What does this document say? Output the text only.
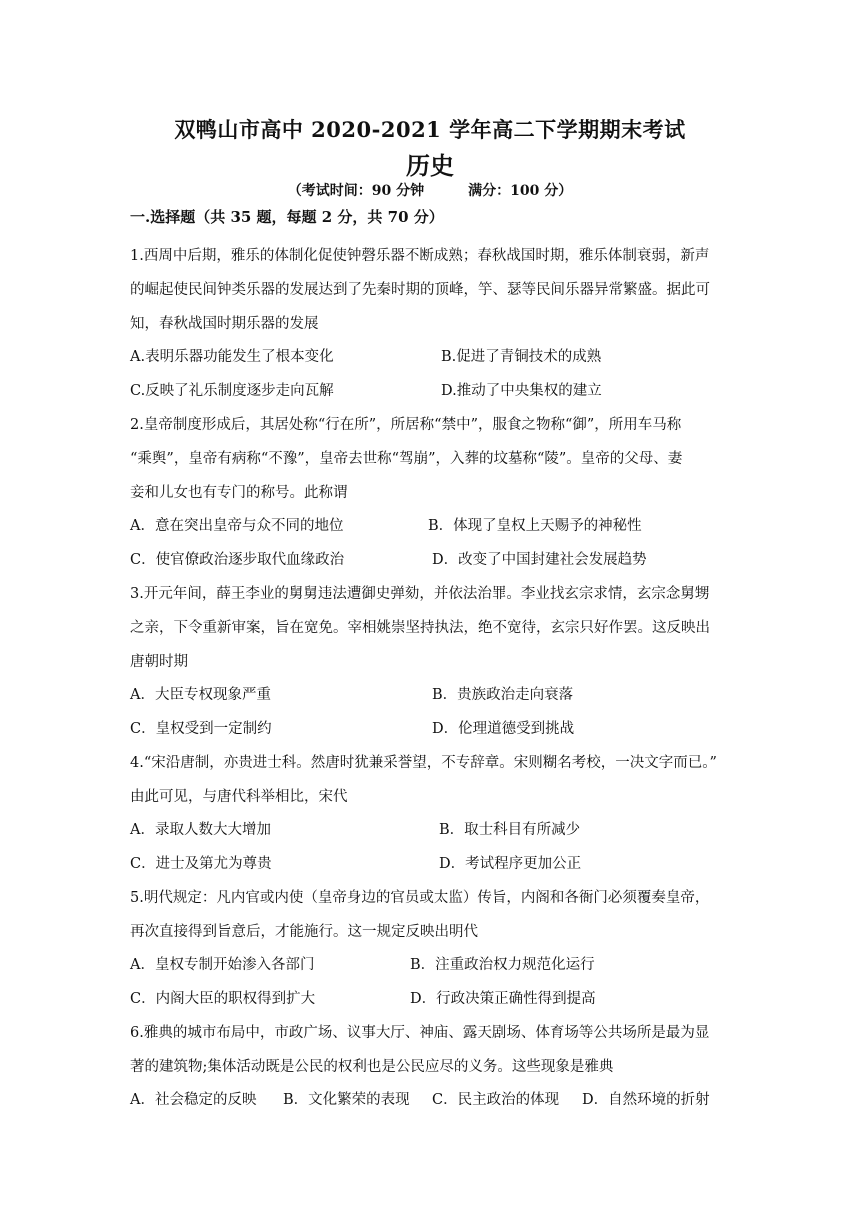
双鸭山市高中 2020-2021 学年高二下学期期末考试
历史
（考试时间：90 分钟	满分：100 分）
一.选择题（共 35 题，每题 2 分，共 70 分）
1.西周中后期，雅乐的体制化促使钟磬乐器不断成熟；春秋战国时期，雅乐体制衰弱，新声
的崛起使民间钟类乐器的发展达到了先秦时期的顶峰，竽、瑟等民间乐器异常繁盛。据此可
知，春秋战国时期乐器的发展
A.表明乐器功能发生了根本变化	B.促进了青铜技术的成熟
C.反映了礼乐制度逐步走向瓦解	D.推动了中央集权的建立
2.皇帝制度形成后，其居处称“行在所”，所居称“禁中”，服食之物称“御”，所用车马称
“乘舆”，皇帝有病称“不豫”，皇帝去世称“驾崩”，入葬的坟墓称“陵”。皇帝的父母、妻
妾和儿女也有专门的称号。此称谓
A．意在突出皇帝与众不同的地位	B．体现了皇权上天赐予的神秘性
C．使官僚政治逐步取代血缘政治	D．改变了中国封建社会发展趋势
3.开元年间，薛王李业的舅舅违法遭御史弹劾，并依法治罪。李业找玄宗求情，玄宗念舅甥
之亲，下令重新审案，旨在宽免。宰相姚崇坚持执法，绝不宽待，玄宗只好作罢。这反映出
唐朝时期
A．大臣专权现象严重	B．贵族政治走向衰落
C．皇权受到一定制约	D．伦理道德受到挑战
4.“宋沿唐制，亦贵进士科。然唐时犹兼采誉望，不专辞章。宋则糊名考校，一决文字而已。”
由此可见，与唐代科举相比，宋代
A．录取人数大大增加	B．取士科目有所减少
C．进士及第尤为尊贵	D．考试程序更加公正
5.明代规定：凡内官或内使（皇帝身边的官员或太监）传旨，内阁和各衙门必须覆奏皇帝，
再次直接得到旨意后，才能施行。这一规定反映出明代
A．皇权专制开始渗入各部门	B．注重政治权力规范化运行
C．内阁大臣的职权得到扩大	D．行政决策正确性得到提高
6.雅典的城市布局中，市政广场、议事大厅、神庙、露天剧场、体育场等公共场所是最为显
著的建筑物;集体活动既是公民的权利也是公民应尽的义务。这些现象是雅典
A．社会稳定的反映 B．文化繁荣的表现 C．民主政治的体现 D．自然环境的折射
